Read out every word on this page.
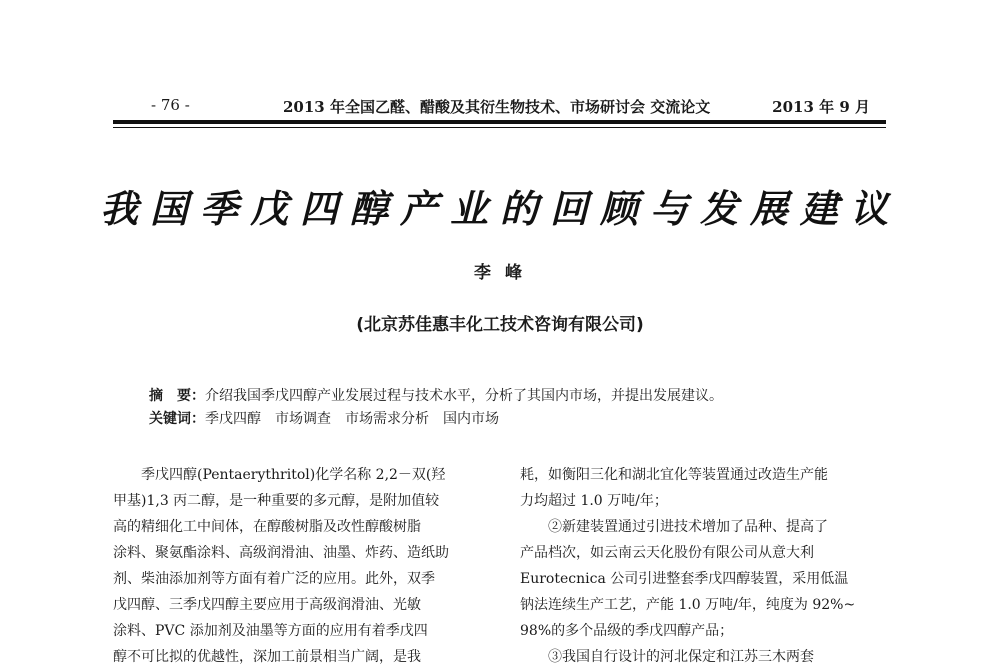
- 76 -	2013 年全国乙醛、醋酸及其衍生物技术、市场研讨会 交流论文	2013 年 9 月
我国季戊四醇产业的回顾与发展建议
李 峰
(北京苏佳惠丰化工技术咨询有限公司)
摘　要：介绍我国季戊四醇产业发展过程与技术水平，分析了其国内市场，并提出发展建议。
关键词：季戊四醇　市场调查　市场需求分析　国内市场
季戊四醇(Pentaerythritol)化学名称 2,2－双(羟
甲基)1,3 丙二醇，是一种重要的多元醇，是附加值较
高的精细化工中间体，在醇酸树脂及改性醇酸树脂
涂料、聚氨酯涂料、高级润滑油、油墨、炸药、造纸助
剂、柴油添加剂等方面有着广泛的应用。此外，双季
戊四醇、三季戊四醇主要应用于高级润滑油、光敏
涂料、PVC 添加剂及油墨等方面的应用有着季戊四
醇不可比拟的优越性，深加工前景相当广阔，是我
耗，如衡阳三化和湖北宜化等装置通过改造生产能
力均超过 1.0 万吨/年；
②新建装置通过引进技术增加了品种、提高了
产品档次，如云南云天化股份有限公司从意大利
Eurotecnica 公司引进整套季戊四醇装置，采用低温
钠法连续生产工艺，产能 1.0 万吨/年，纯度为 92%~
98%的多个品级的季戊四醇产品；
③我国自行设计的河北保定和江苏三木两套
